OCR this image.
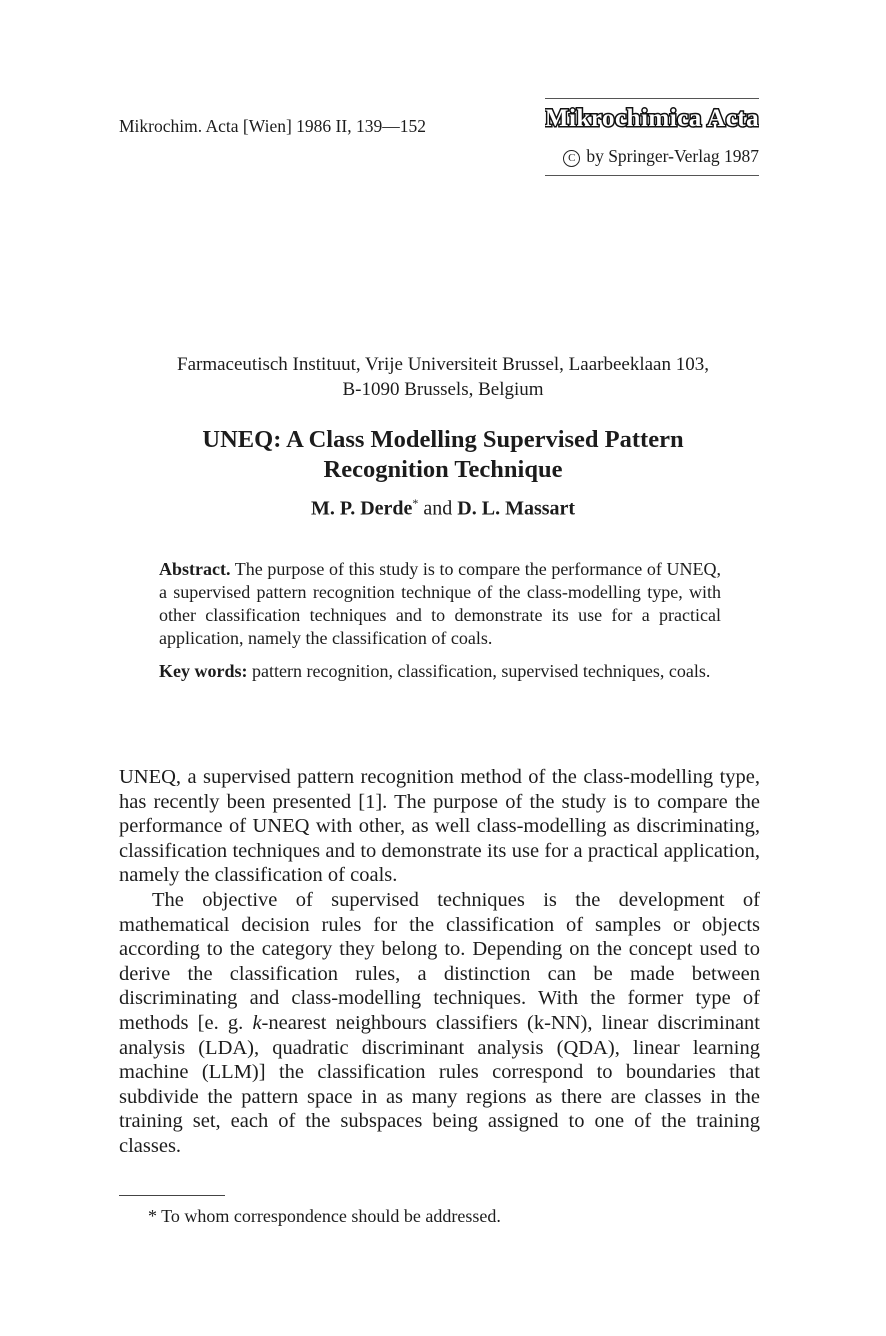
Mikrochim. Acta [Wien] 1986 II, 139—152	Mikrochimica Acta
C by Springer-Verlag 1987
Farmaceutisch Instituut, Vrije Universiteit Brussel, Laarbeeklaan 103,
B-1090 Brussels, Belgium
UNEQ: A Class Modelling Supervised Pattern
Recognition Technique
M. P. Derde* and D. L. Massart

Abstract. The purpose of this study is to compare the performance of UNEQ, a supervised pattern recognition technique of the class-modelling type, with other classification techniques and to demonstrate its use for a practical application, namely the classification of coals.

Key words: pattern recognition, classification, supervised techniques, coals.

UNEQ, a supervised pattern recognition method of the class-modelling type, has recently been presented [1]. The purpose of the study is to compare the performance of UNEQ with other, as well class-modelling as discriminating, classification techniques and to demonstrate its use for a practical application, namely the classification of coals.

The objective of supervised techniques is the development of mathematical decision rules for the classification of samples or objects according to the category they belong to. Depending on the concept used to derive the classification rules, a distinction can be made between discriminating and class-modelling techniques. With the former type of methods [e. g. k-nearest neighbours classifiers (k-NN), linear discriminant analysis (LDA), quadratic discriminant analysis (QDA), linear learning machine (LLM)] the classification rules correspond to boundaries that subdivide the pattern space in as many regions as there are classes in the training set, each of the subspaces being assigned to one of the training classes.

* To whom correspondence should be addressed.
